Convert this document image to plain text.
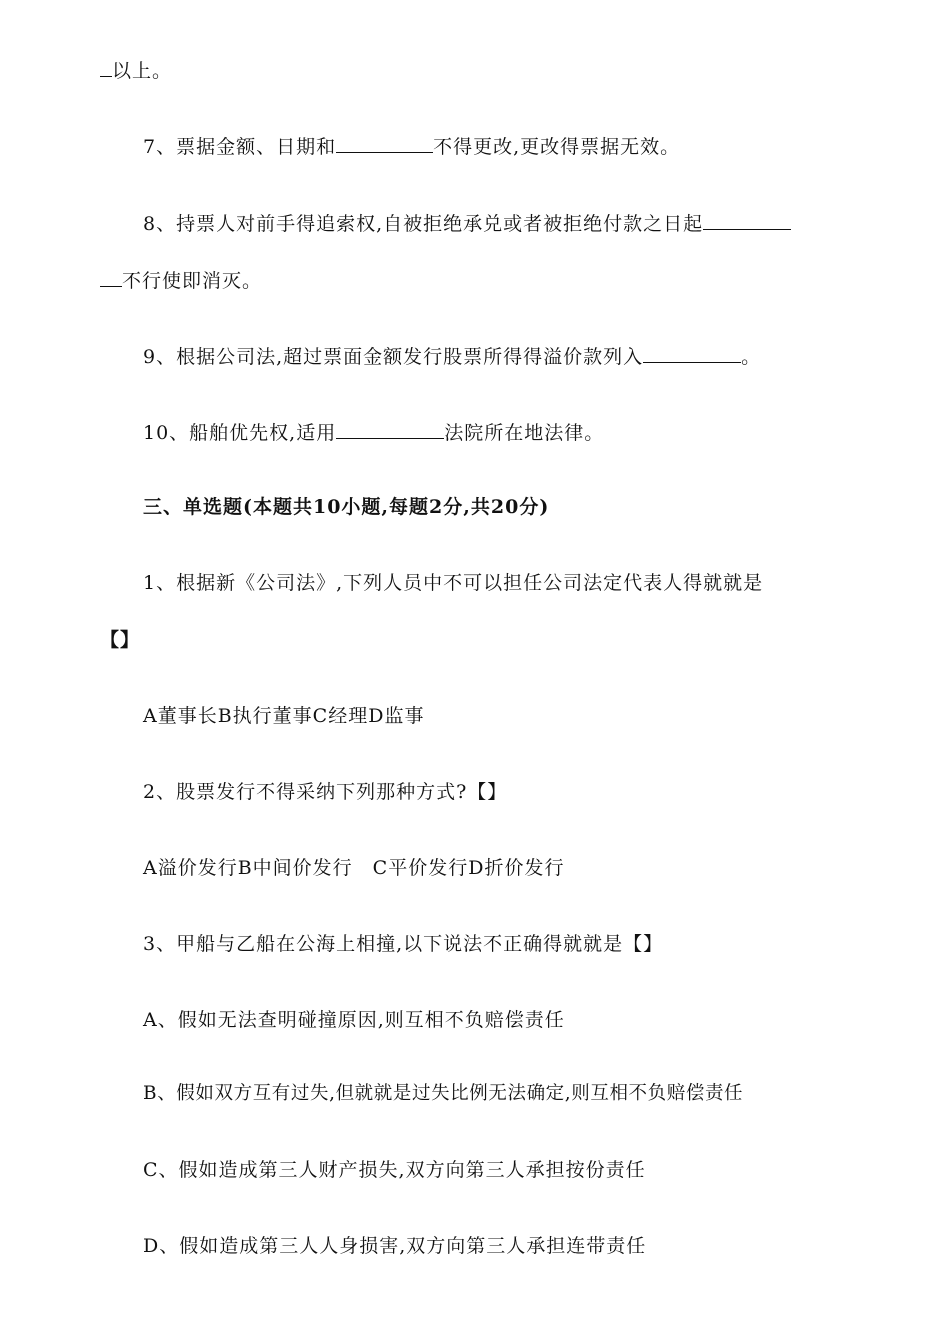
以上。
7、票据金额、日期和	不得更改,更改得票据无效。
8、持票人对前手得追索权,自被拒绝承兑或者被拒绝付款之日起
不行使即消灭。
9、根据公司法,超过票面金额发行股票所得得溢价款列入	。
10、船舶优先权,适用	法院所在地法律。
三、单选题(本题共10小题,每题2分,共20分)
1、根据新《公司法》,下列人员中不可以担任公司法定代表人得就就是
【】
A董事长B执行董事C经理D监事
2、股票发行不得采纳下列那种方式?【】
A溢价发行B中间价发行　C平价发行D折价发行
3、甲船与乙船在公海上相撞,以下说法不正确得就就是【】
A、假如无法查明碰撞原因,则互相不负赔偿责任
B、假如双方互有过失,但就就是过失比例无法确定,则互相不负赔偿责任
C、假如造成第三人财产损失,双方向第三人承担按份责任
D、假如造成第三人人身损害,双方向第三人承担连带责任
